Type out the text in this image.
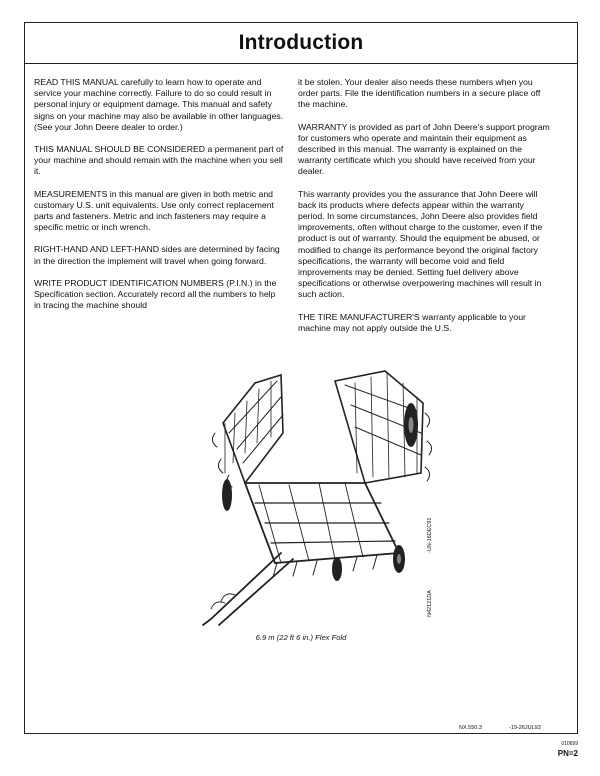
Introduction

READ THIS MANUAL carefully to learn how to operate and service your machine correctly. Failure to do so could result in personal injury or equipment damage. This manual and safety signs on your machine may also be available in other languages. (See your John Deere dealer to order.)

THIS MANUAL SHOULD BE CONSIDERED a permanent part of your machine and should remain with the machine when you sell it.

MEASUREMENTS in this manual are given in both metric and customary U.S. unit equivalents. Use only correct replacement parts and fasteners. Metric and inch fasteners may require a specific metric or inch wrench.

RIGHT-HAND AND LEFT-HAND sides are determined by facing in the direction the implement will travel when going forward.

WRITE PRODUCT IDENTIFICATION NUMBERS (P.I.N.) in the Specification section. Accurately record all the numbers to help in tracing the machine should

it be stolen. Your dealer also needs these numbers when you order parts. File the identification numbers in a secure place off the machine.

WARRANTY is provided as part of John Deere's support program for customers who operate and maintain their equipment as described in this manual. The warranty is explained on the warranty certificate which you should have received from your dealer.

This warranty provides you the assurance that John Deere will back its products where defects appear within the warranty period. In some circumstances, John Deere also provides field improvements, often without charge to the customer, even if the product is out of warranty. Should the equipment be abused, or modified to change its performance beyond the original factory specifications, the warranty will become void and field improvements may be denied. Setting fuel delivery above specifications or otherwise overpowering machines will result in such action.

THE TIRE MANUFACTURER'S warranty applicable to your machine may not apply outside the U.S.

-UN-16DEC91
N42121DA
6.9 m (22 ft 6 in.) Flex Fold
NX.550.3	-19-26JUL93
010699
PN=2
